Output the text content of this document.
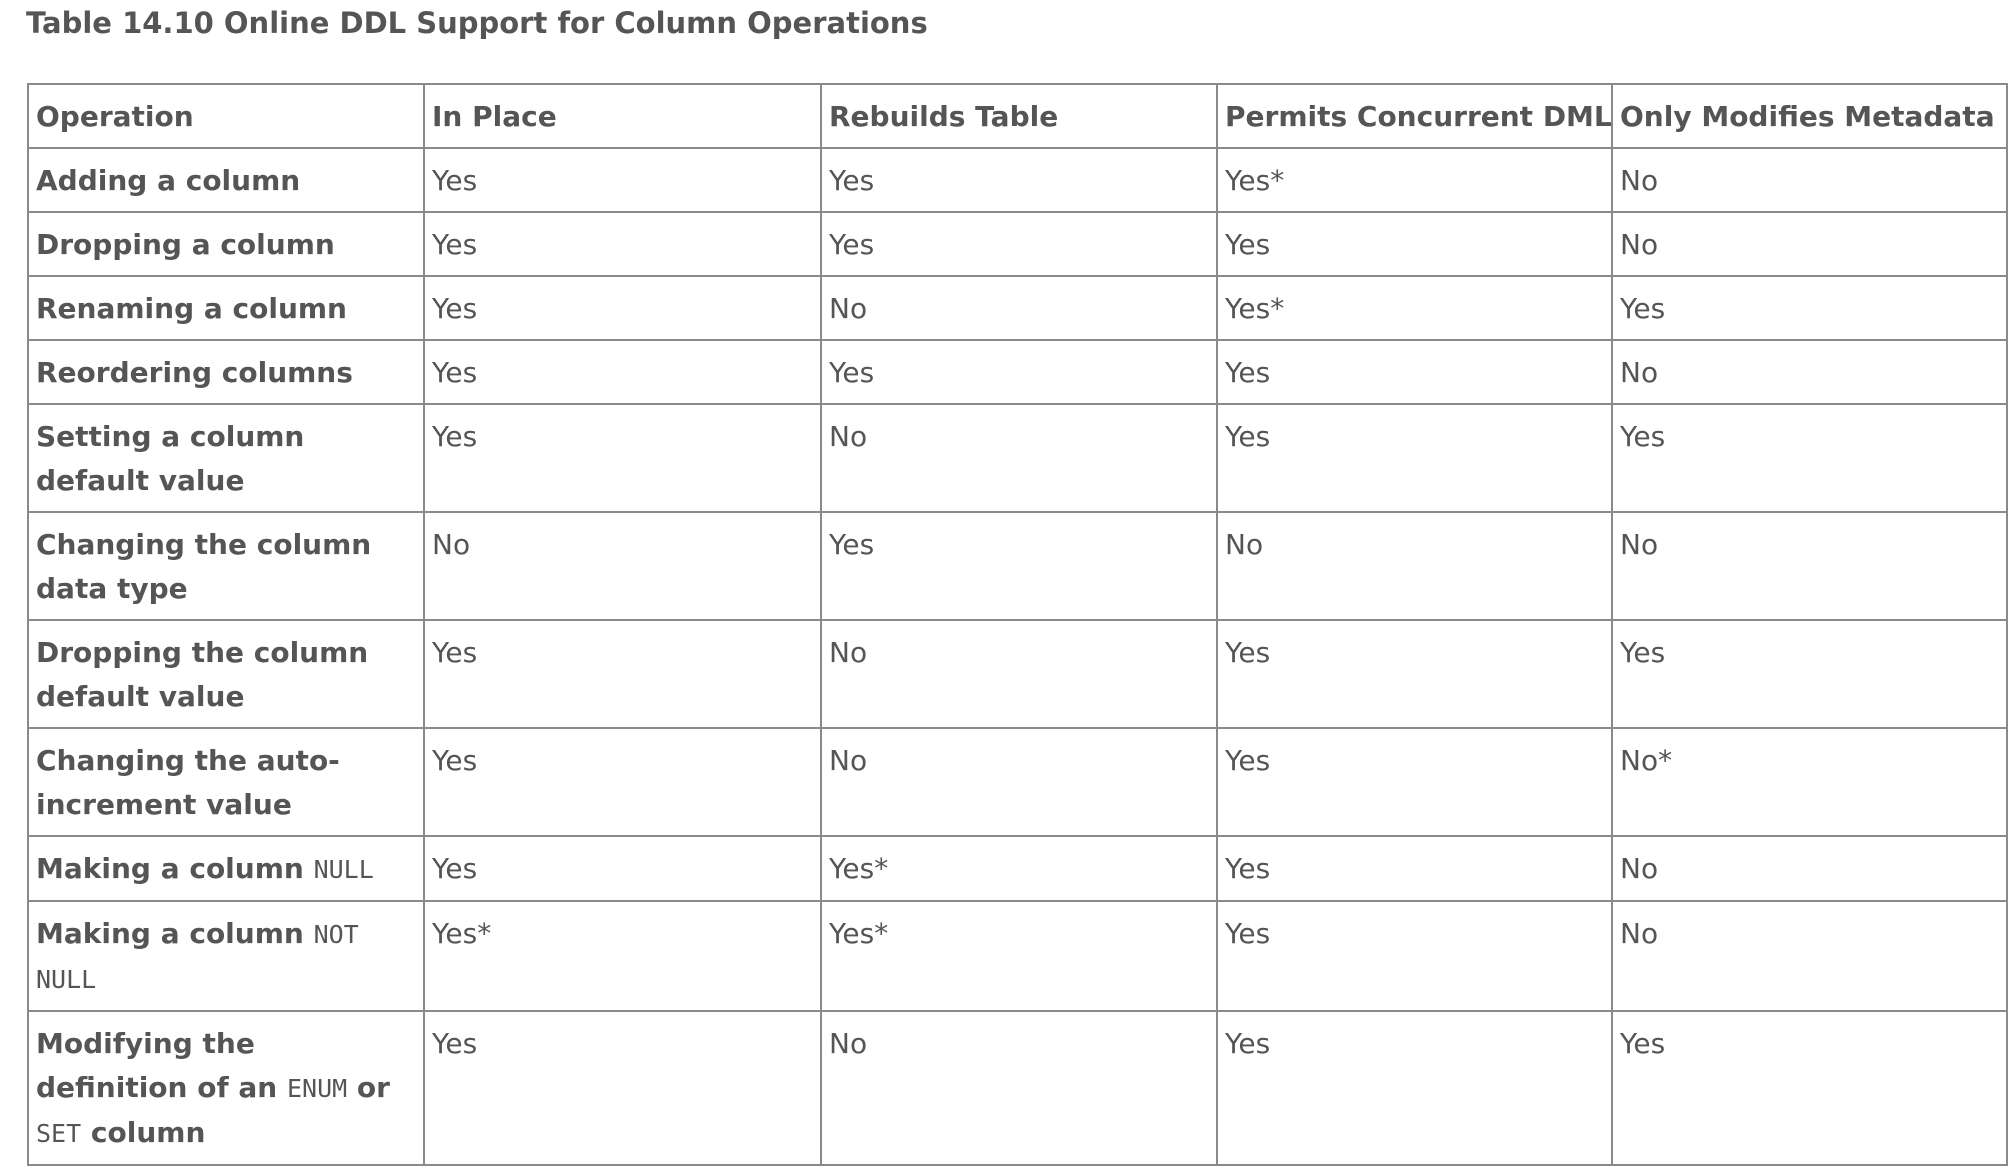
Table 14.10 Online DDL Support for Column Operations
Operation	In Place	Rebuilds Table	Permits Concurrent DML	Only Modifies Metadata
Adding a column	Yes	Yes	Yes*	No
Dropping a column	Yes	Yes	Yes	No
Renaming a column	Yes	No	Yes*	Yes
Reordering columns	Yes	Yes	Yes	No
Setting a column default value	Yes	No	Yes	Yes
Changing the column data type	No	Yes	No	No
Dropping the column default value	Yes	No	Yes	Yes
Changing the auto-increment value	Yes	No	Yes	No*
Making a column NULL	Yes	Yes*	Yes	No
Making a column NOT NULL	Yes*	Yes*	Yes	No
Modifying the definition of an ENUM or SET column	Yes	No	Yes	Yes
